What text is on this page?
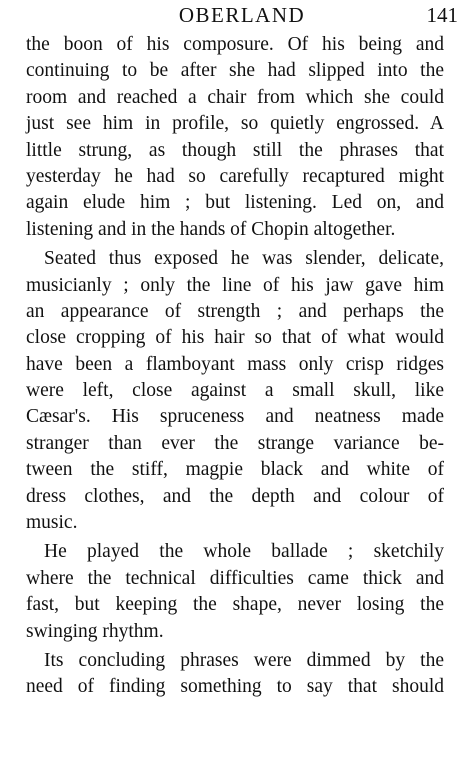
OBERLAND	141
the boon of his composure. Of his being and
continuing to be after she had slipped into the
room and reached a chair from which she could
just see him in profile, so quietly engrossed. A
little strung, as though still the phrases that
yesterday he had so carefully recaptured might
again elude him ; but listening. Led on, and
listening and in the hands of Chopin altogether.
Seated thus exposed he was slender, delicate,
musicianly ; only the line of his jaw gave him
an appearance of strength ; and perhaps the
close cropping of his hair so that of what would
have been a flamboyant mass only crisp ridges
were left, close against a small skull, like
Cæsar's. His spruceness and neatness made
stranger than ever the strange variance be-
tween the stiff, magpie black and white of
dress clothes, and the depth and colour of
music.
He played the whole ballade ; sketchily
where the technical difficulties came thick and
fast, but keeping the shape, never losing the
swinging rhythm.
Its concluding phrases were dimmed by the
need of finding something to say that should
